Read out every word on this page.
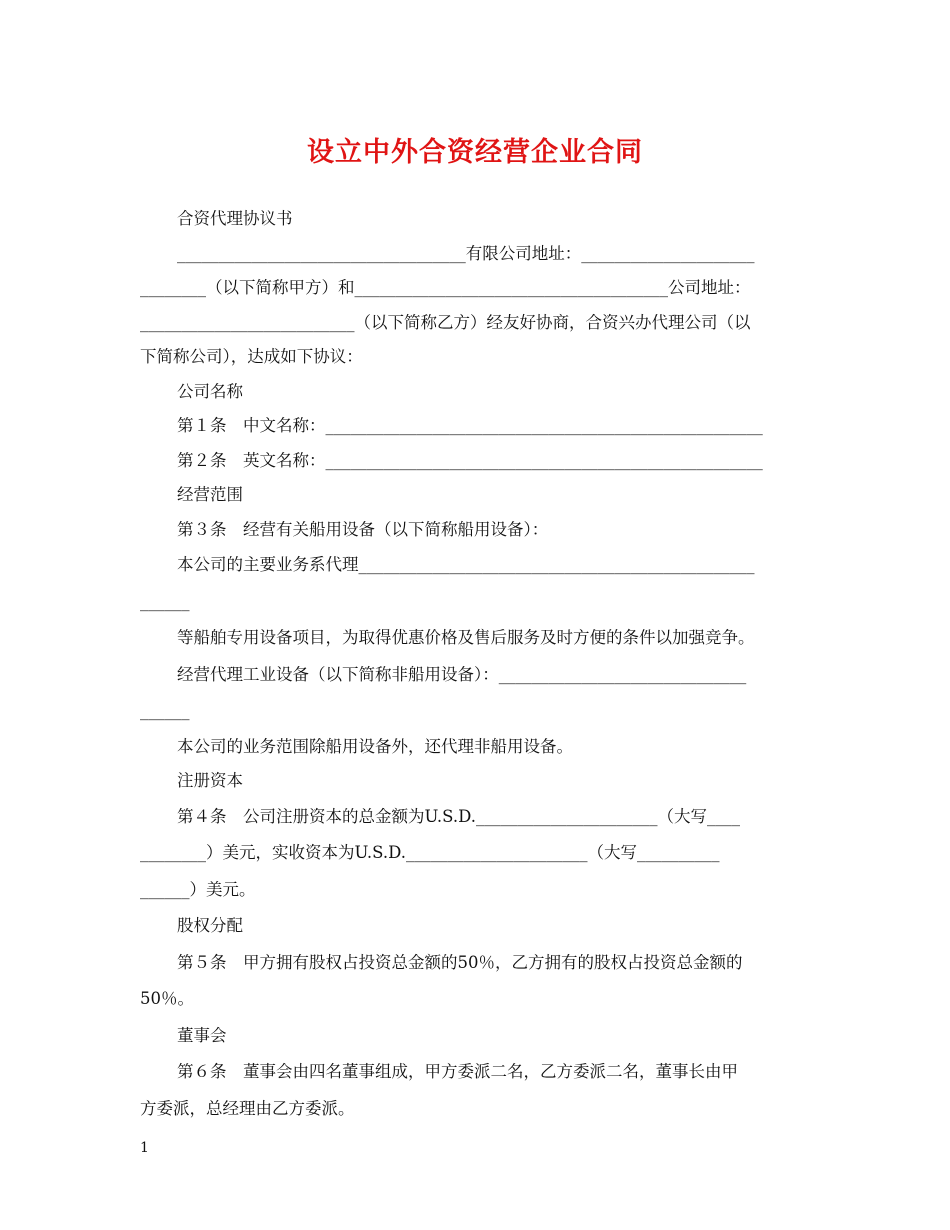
设立中外合资经营企业合同
合资代理协议书
___________________________________有限公司地址：_____________________
________（以下简称甲方）和______________________________________公司地址：
__________________________（以下简称乙方）经友好协商，合资兴办代理公司（以
下简称公司），达成如下协议：
公司名称
第１条　中文名称：_____________________________________________________
第２条　英文名称：_____________________________________________________
经营范围
第３条　经营有关船用设备（以下简称船用设备）：
本公司的主要业务系代理________________________________________________
______
等船舶专用设备项目，为取得优惠价格及售后服务及时方便的条件以加强竞争。
经营代理工业设备（以下简称非船用设备）：______________________________
______
本公司的业务范围除船用设备外，还代理非船用设备。
注册资本
第４条　公司注册资本的总金额为U.S.D.______________________（大写____
________）美元，实收资本为U.S.D.______________________（大写__________
______）美元。
股权分配
第５条　甲方拥有股权占投资总金额的50％，乙方拥有的股权占投资总金额的
50％。
董事会
第６条　董事会由四名董事组成，甲方委派二名，乙方委派二名，董事长由甲
方委派，总经理由乙方委派。
1
